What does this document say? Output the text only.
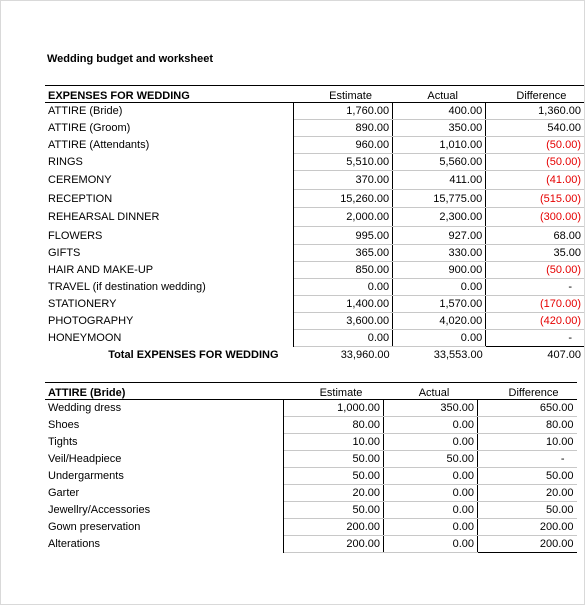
Wedding budget and worksheet
EXPENSES FOR WEDDING	Estimate	Actual	Difference
ATTIRE (Bride)	1,760.00	400.00	1,360.00
ATTIRE (Groom)	890.00	350.00	540.00
ATTIRE (Attendants)	960.00	1,010.00	(50.00)
RINGS	5,510.00	5,560.00	(50.00)
CEREMONY	370.00	411.00	(41.00)
RECEPTION	15,260.00	15,775.00	(515.00)
REHEARSAL DINNER	2,000.00	2,300.00	(300.00)
FLOWERS	995.00	927.00	68.00
GIFTS	365.00	330.00	35.00
HAIR AND MAKE-UP	850.00	900.00	(50.00)
TRAVEL (if destination wedding)	0.00	0.00	-
STATIONERY	1,400.00	1,570.00	(170.00)
PHOTOGRAPHY	3,600.00	4,020.00	(420.00)
HONEYMOON	0.00	0.00	-
Total EXPENSES FOR WEDDING	33,960.00	33,553.00	407.00
ATTIRE (Bride)	Estimate	Actual	Difference
Wedding dress	1,000.00	350.00	650.00
Shoes	80.00	0.00	80.00
Tights	10.00	0.00	10.00
Veil/Headpiece	50.00	50.00	-
Undergarments	50.00	0.00	50.00
Garter	20.00	0.00	20.00
Jewellry/Accessories	50.00	0.00	50.00
Gown preservation	200.00	0.00	200.00
Alterations	200.00	0.00	200.00
